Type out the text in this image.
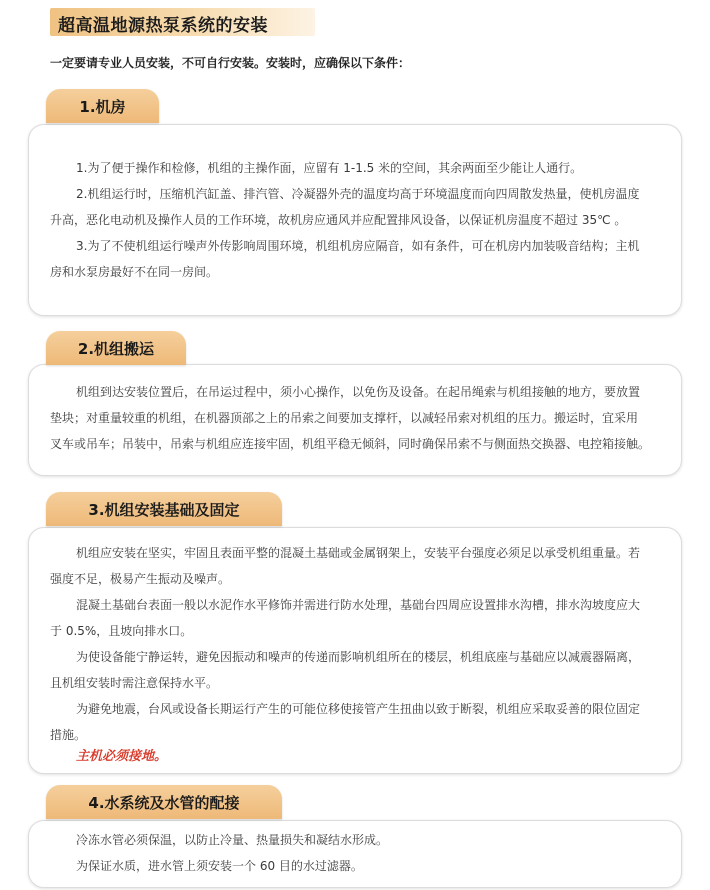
超高温地源热泵系统的安装
一定要请专业人员安装，不可自行安装。安装时，应确保以下条件：
1.机房
1.为了便于操作和检修，机组的主操作面，应留有 1-1.5 米的空间，其余两面至少能让人通行。
2.机组运行时，压缩机汽缸盖、排汽管、冷凝器外壳的温度均高于环境温度而向四周散发热量，使机房温度
升高，恶化电动机及操作人员的工作环境，故机房应通风并应配置排风设备，以保证机房温度不超过 35℃ 。
3.为了不使机组运行噪声外传影响周围环境，机组机房应隔音，如有条件，可在机房内加装吸音结构；主机
房和水泵房最好不在同一房间。
2.机组搬运
机组到达安装位置后，在吊运过程中，须小心操作，以免伤及设备。在起吊绳索与机组接触的地方，要放置
垫块；对重量较重的机组，在机器顶部之上的吊索之间要加支撑杆，以减轻吊索对机组的压力。搬运时，宜采用
叉车或吊车；吊装中，吊索与机组应连接牢固，机组平稳无倾斜，同时确保吊索不与侧面热交换器、电控箱接触。
3.机组安装基础及固定
机组应安装在坚实，牢固且表面平整的混凝土基础或金属钢架上，安装平台强度必须足以承受机组重量。若
强度不足，极易产生振动及噪声。
混凝土基础台表面一般以水泥作水平修饰并需进行防水处理，基础台四周应设置排水沟槽，排水沟坡度应大
于 0.5%，且坡向排水口。
为使设备能宁静运转，避免因振动和噪声的传递而影响机组所在的楼层，机组底座与基础应以减震器隔离，
且机组安装时需注意保持水平。
为避免地震，台风或设备长期运行产生的可能位移使接管产生扭曲以致于断裂，机组应采取妥善的限位固定
措施。
主机必须接地。
4.水系统及水管的配接
冷冻水管必须保温，以防止冷量、热量损失和凝结水形成。
为保证水质，进水管上须安装一个 60 目的水过滤器。
